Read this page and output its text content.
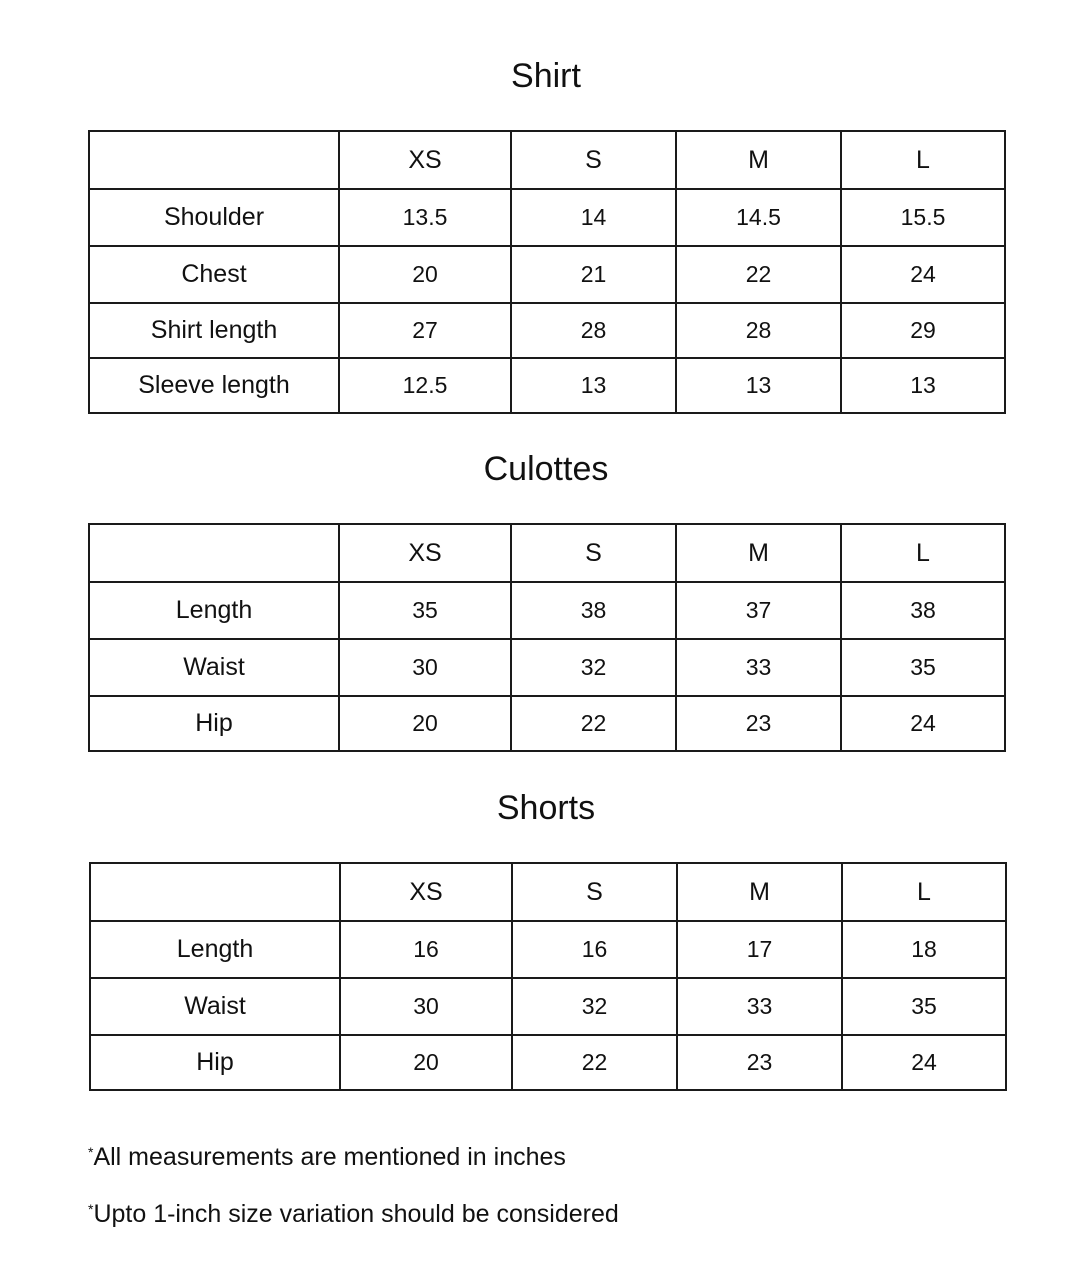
Shirt
	XS	S	M	L
Shoulder	13.5	14	14.5	15.5
Chest	20	21	22	24
Shirt length	27	28	28	29
Sleeve length	12.5	13	13	13
Culottes
	XS	S	M	L
Length	35	38	37	38
Waist	30	32	33	35
Hip	20	22	23	24
Shorts
	XS	S	M	L
Length	16	16	17	18
Waist	30	32	33	35
Hip	20	22	23	24

*All measurements are mentioned in inches

*Upto 1-inch size variation should be considered
